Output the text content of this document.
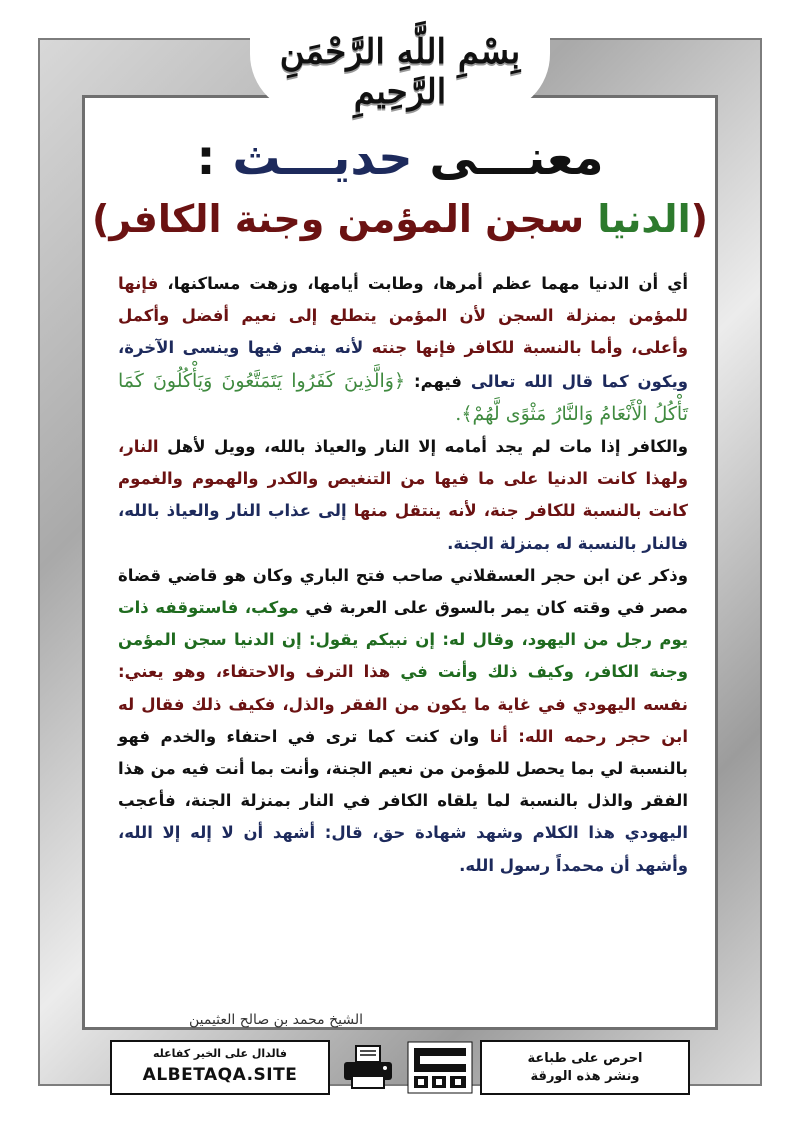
بِسْمِ اللَّهِ الرَّحْمَنِ الرَّحِيمِ
معنـــى حديـــث :
(الدنيا سجن المؤمن وجنة الكافر)

أي أن الدنيا مهما عظم أمرها، وطابت أيامها، وزهت مساكنها، فإنها للمؤمن بمنزلة السجن لأن المؤمن يتطلع إلى نعيم أفضل وأكمل وأعلى، وأما بالنسبة للكافر فإنها جنته لأنه ينعم فيها وينسى الآخرة، ويكون كما قال الله تعالى فيهم: ﴿وَالَّذِينَ كَفَرُوا يَتَمَتَّعُونَ وَيَأْكُلُونَ كَمَا تَأْكُلُ الْأَنْعَامُ وَالنَّارُ مَثْوًى لَّهُمْ﴾.

والكافر إذا مات لم يجد أمامه إلا النار والعياذ بالله، وويل لأهل النار، ولهذا كانت الدنيا على ما فيها من التنغيص والكدر والهموم والغموم كانت بالنسبة للكافر جنة، لأنه ينتقل منها إلى عذاب النار والعياذ بالله، فالنار بالنسبة له بمنزلة الجنة.

وذكر عن ابن حجر العسقلاني صاحب فتح الباري وكان هو قاضي قضاة مصر في وقته كان يمر بالسوق على العربة في موكب، فاستوقفه ذات يوم رجل من اليهود، وقال له: إن نبيكم يقول: إن الدنيا سجن المؤمن وجنة الكافر، وكيف ذلك وأنت في هذا الترف والاحتفاء، وهو يعني: نفسه اليهودي في غاية ما يكون من الفقر والذل، فكيف ذلك فقال له ابن حجر رحمه الله: أنا وان كنت كما ترى في احتفاء والخدم فهو بالنسبة لي بما يحصل للمؤمن من نعيم الجنة، وأنت بما أنت فيه من هذا الفقر والذل بالنسبة لما يلقاه الكافر في النار بمنزلة الجنة، فأعجب اليهودي هذا الكلام وشهد شهادة حق، قال: أشهد أن لا إله إلا الله، وأشهد أن محمداً رسول الله.

الشيخ محمد بن صالح العثيمين
فالدال على الخير كفاعله
ALBETAQA.SITE
احرص على طباعة
ونشر هذه الورقة
